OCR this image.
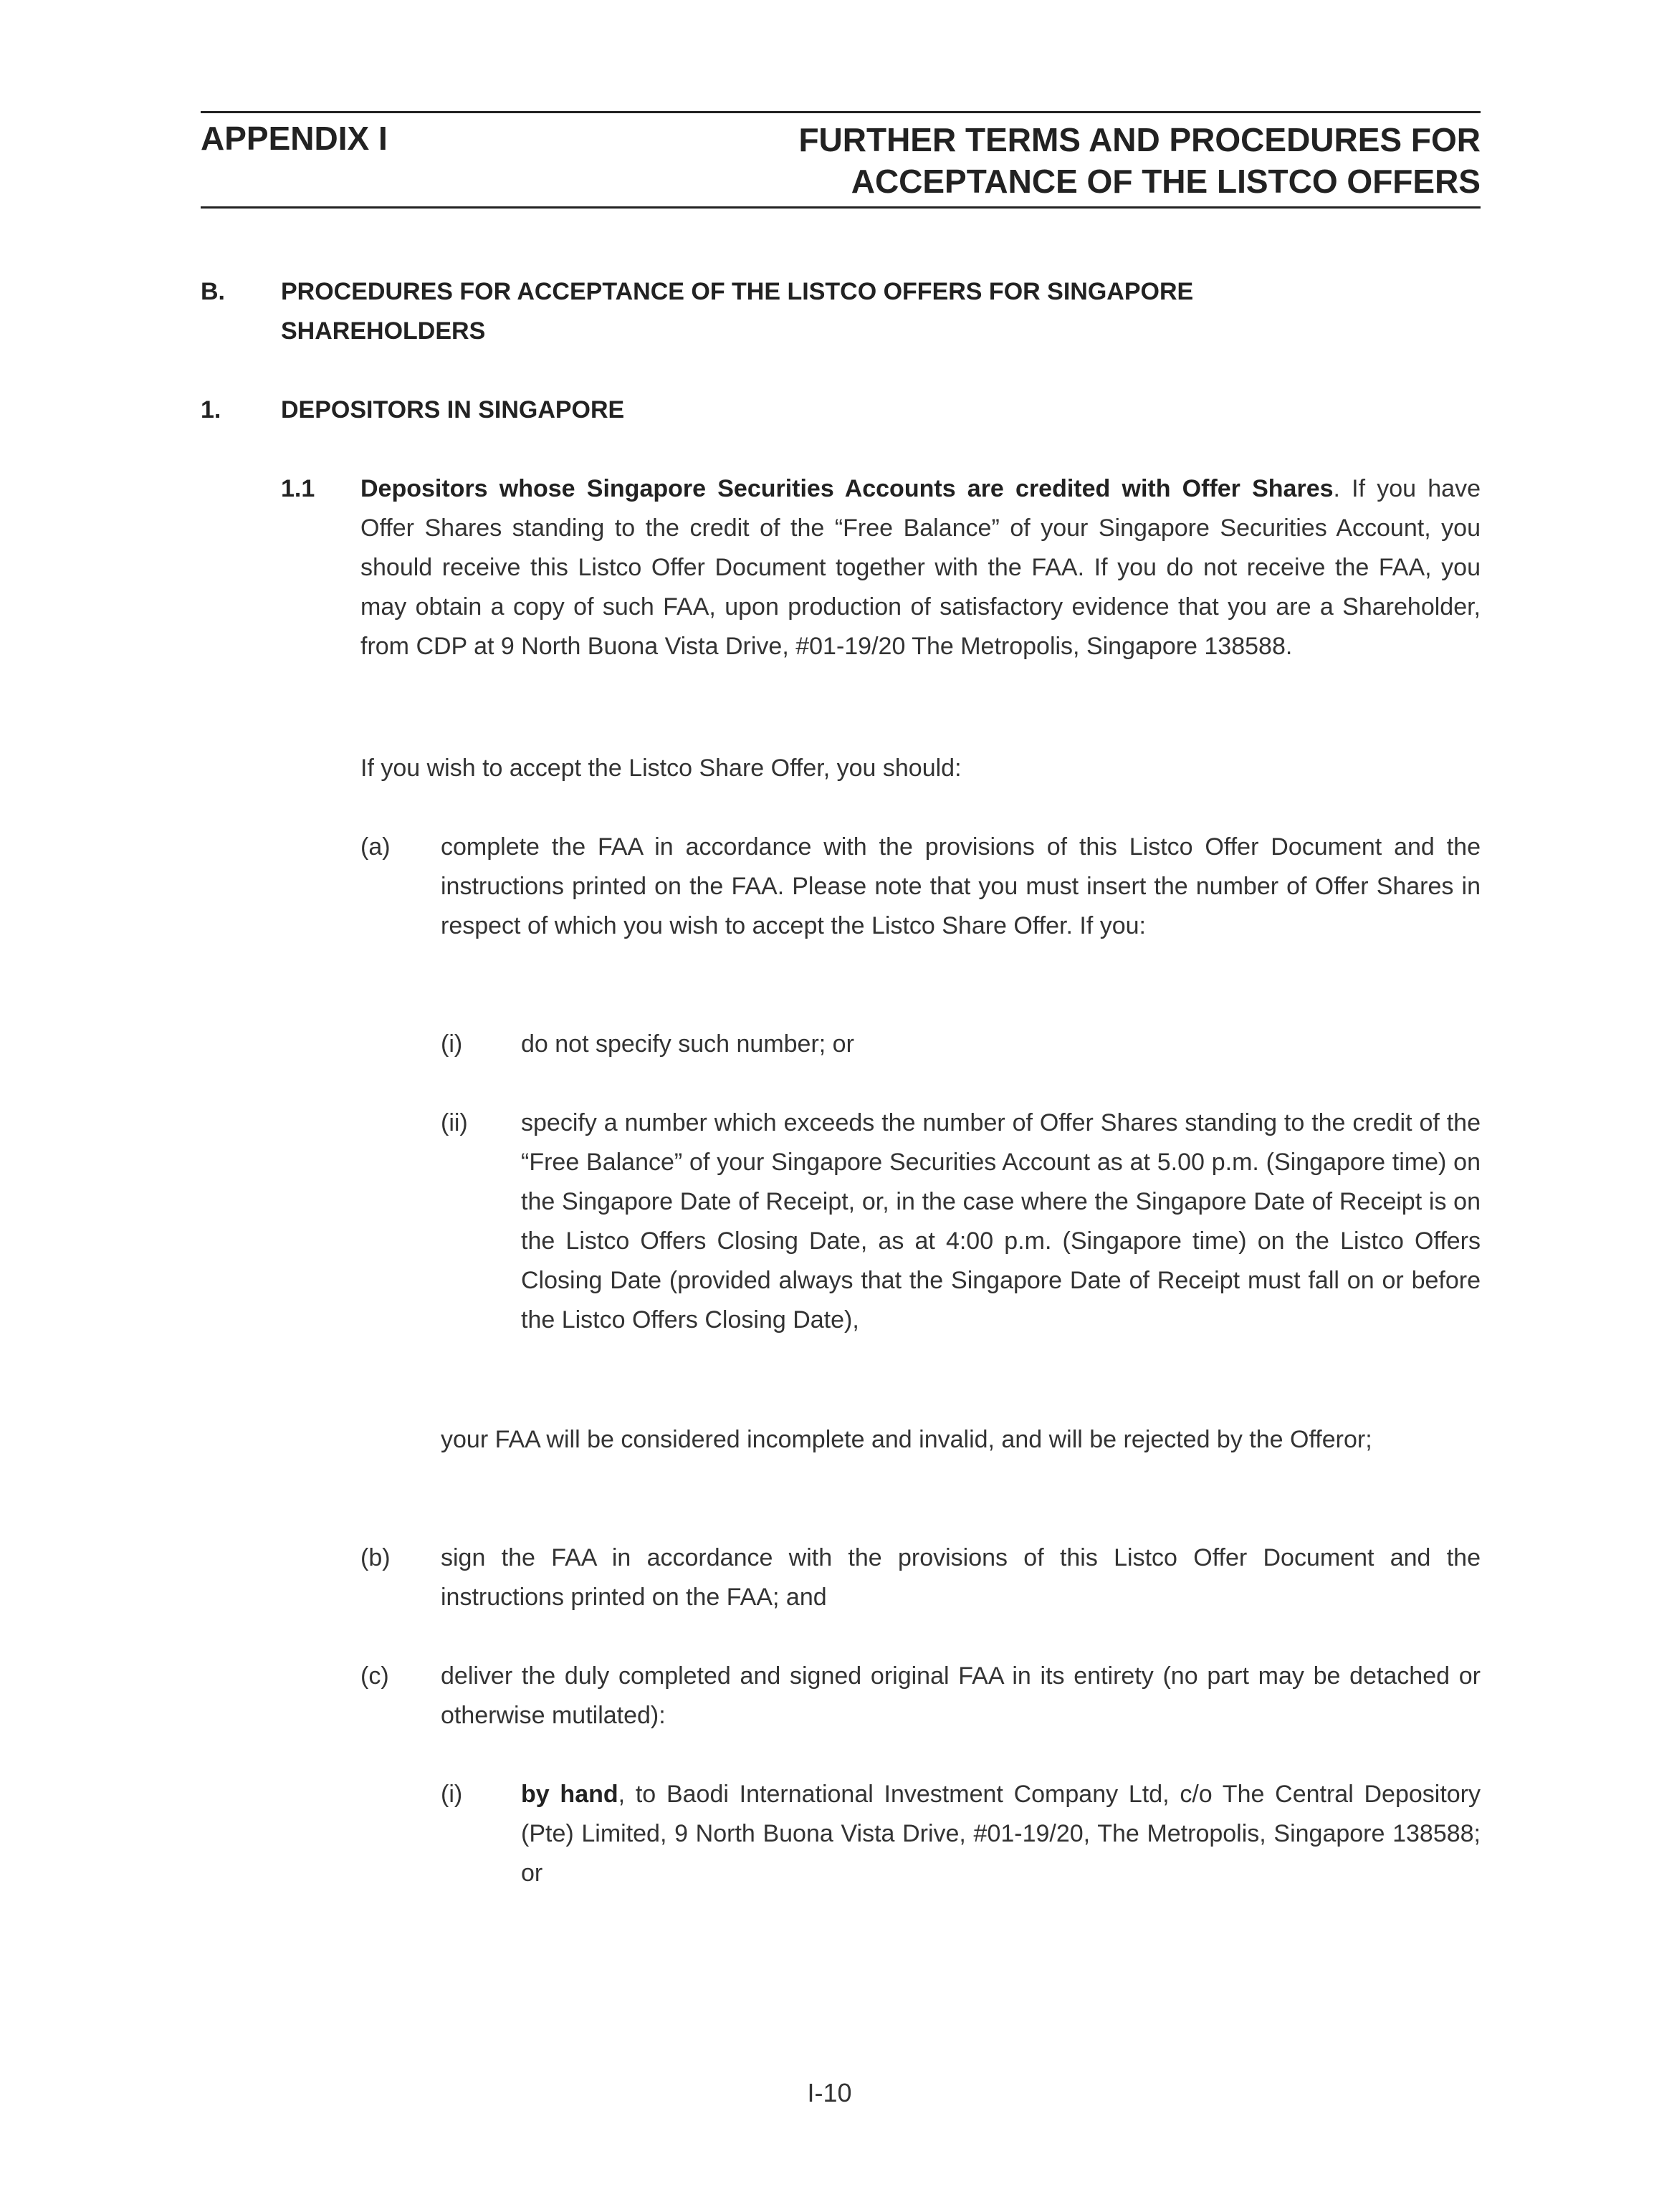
APPENDIX I	FURTHER TERMS AND PROCEDURES FOR
ACCEPTANCE OF THE LISTCO OFFERS
B. PROCEDURES FOR ACCEPTANCE OF THE LISTCO OFFERS FOR SINGAPORE SHAREHOLDERS
1. DEPOSITORS IN SINGAPORE
1.1 Depositors whose Singapore Securities Accounts are credited with Offer Shares. If you have Offer Shares standing to the credit of the “Free Balance” of your Singapore Securities Account, you should receive this Listco Offer Document together with the FAA. If you do not receive the FAA, you may obtain a copy of such FAA, upon production of satisfactory evidence that you are a Shareholder, from CDP at 9 North Buona Vista Drive, #01-19/20 The Metropolis, Singapore 138588.
If you wish to accept the Listco Share Offer, you should:
(a) complete the FAA in accordance with the provisions of this Listco Offer Document and the instructions printed on the FAA. Please note that you must insert the number of Offer Shares in respect of which you wish to accept the Listco Share Offer. If you:
(i) do not specify such number; or
(ii) specify a number which exceeds the number of Offer Shares standing to the credit of the “Free Balance” of your Singapore Securities Account as at 5.00 p.m. (Singapore time) on the Singapore Date of Receipt, or, in the case where the Singapore Date of Receipt is on the Listco Offers Closing Date, as at 4:00 p.m. (Singapore time) on the Listco Offers Closing Date (provided always that the Singapore Date of Receipt must fall on or before the Listco Offers Closing Date),
your FAA will be considered incomplete and invalid, and will be rejected by the Offeror;
(b) sign the FAA in accordance with the provisions of this Listco Offer Document and the instructions printed on the FAA; and
(c) deliver the duly completed and signed original FAA in its entirety (no part may be detached or otherwise mutilated):
(i) by hand, to Baodi International Investment Company Ltd, c/o The Central Depository (Pte) Limited, 9 North Buona Vista Drive, #01-19/20, The Metropolis, Singapore 138588; or
I-10
